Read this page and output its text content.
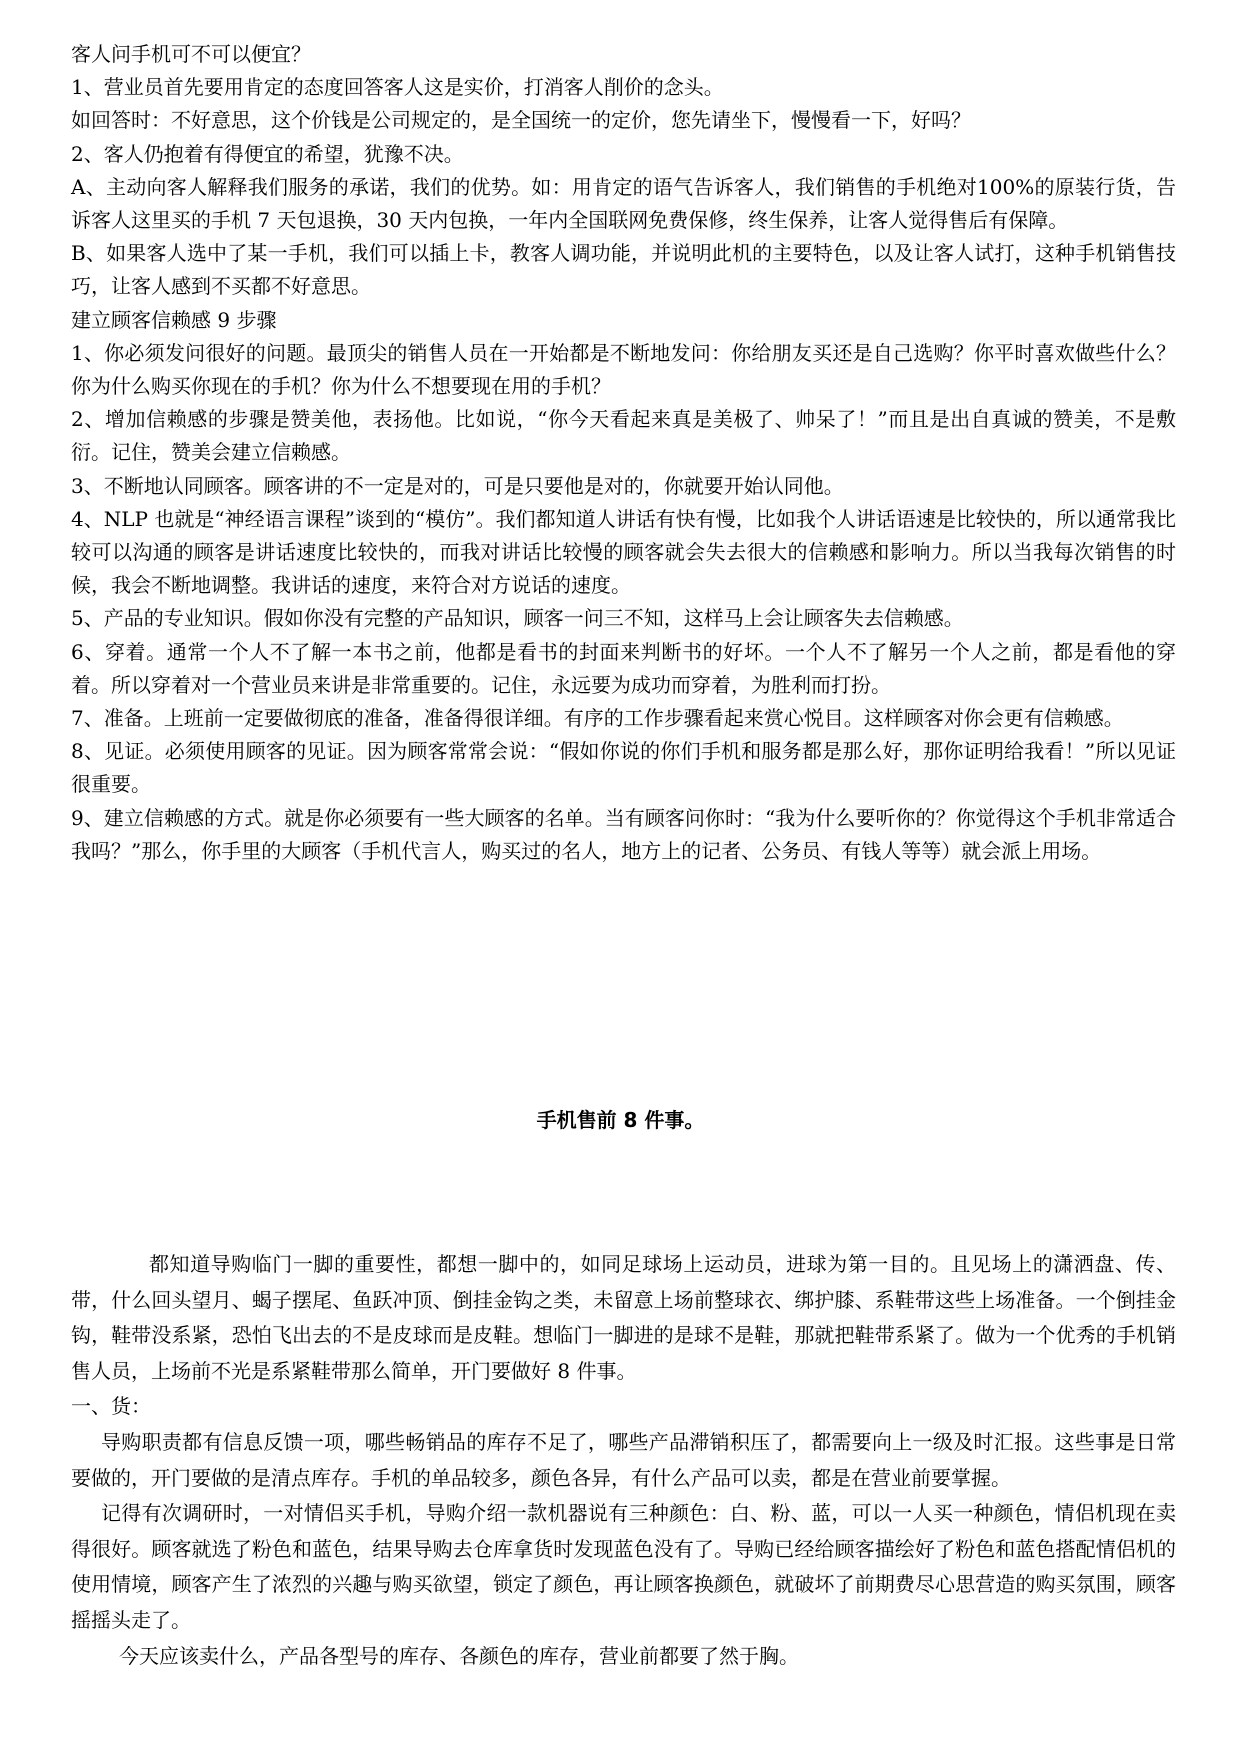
客人问手机可不可以便宜？

1、营业员首先要用肯定的态度回答客人这是实价，打消客人削价的念头。

如回答时：不好意思，这个价钱是公司规定的，是全国统一的定价，您先请坐下，慢慢看一下，好吗？

2、客人仍抱着有得便宜的希望，犹豫不决。

A、主动向客人解释我们服务的承诺，我们的优势。如：用肯定的语气告诉客人，我们销售的手机绝对100%的原装行货，告诉客人这里买的手机 7 天包退换，30 天内包换，一年内全国联网免费保修，终生保养，让客人觉得售后有保障。

B、如果客人选中了某一手机，我们可以插上卡，教客人调功能，并说明此机的主要特色，以及让客人试打，这种手机销售技巧，让客人感到不买都不好意思。

建立顾客信赖感 9 步骤

1、你必须发问很好的问题。最顶尖的销售人员在一开始都是不断地发问：你给朋友买还是自己选购？你平时喜欢做些什么？你为什么购买你现在的手机？你为什么不想要现在用的手机？

2、增加信赖感的步骤是赞美他，表扬他。比如说，“你今天看起来真是美极了、帅呆了！”而且是出自真诚的赞美，不是敷衍。记住，赞美会建立信赖感。

3、不断地认同顾客。顾客讲的不一定是对的，可是只要他是对的，你就要开始认同他。

4、NLP 也就是“神经语言课程”谈到的“模仿”。我们都知道人讲话有快有慢，比如我个人讲话语速是比较快的，所以通常我比较可以沟通的顾客是讲话速度比较快的，而我对讲话比较慢的顾客就会失去很大的信赖感和影响力。所以当我每次销售的时候，我会不断地调整。我讲话的速度，来符合对方说话的速度。

5、产品的专业知识。假如你没有完整的产品知识，顾客一问三不知，这样马上会让顾客失去信赖感。

6、穿着。通常一个人不了解一本书之前，他都是看书的封面来判断书的好坏。一个人不了解另一个人之前，都是看他的穿着。所以穿着对一个营业员来讲是非常重要的。记住，永远要为成功而穿着，为胜利而打扮。

7、准备。上班前一定要做彻底的准备，准备得很详细。有序的工作步骤看起来赏心悦目。这样顾客对你会更有信赖感。

8、见证。必须使用顾客的见证。因为顾客常常会说：“假如你说的你们手机和服务都是那么好，那你证明给我看！”所以见证很重要。

9、建立信赖感的方式。就是你必须要有一些大顾客的名单。当有顾客问你时：“我为什么要听你的？你觉得这个手机非常适合我吗？”那么，你手里的大顾客（手机代言人，购买过的名人，地方上的记者、公务员、有钱人等等）就会派上用场。

手机售前 8 件事。

都知道导购临门一脚的重要性，都想一脚中的，如同足球场上运动员，进球为第一目的。且见场上的潇洒盘、传、带，什么回头望月、蝎子摆尾、鱼跃冲顶、倒挂金钩之类，未留意上场前整球衣、绑护膝、系鞋带这些上场准备。一个倒挂金钩，鞋带没系紧，恐怕飞出去的不是皮球而是皮鞋。想临门一脚进的是球不是鞋，那就把鞋带系紧了。做为一个优秀的手机销售人员，上场前不光是系紧鞋带那么简单，开门要做好 8 件事。

一、货：

导购职责都有信息反馈一项，哪些畅销品的库存不足了，哪些产品滞销积压了，都需要向上一级及时汇报。这些事是日常要做的，开门要做的是清点库存。手机的单品较多，颜色各异，有什么产品可以卖，都是在营业前要掌握。

记得有次调研时，一对情侣买手机，导购介绍一款机器说有三种颜色：白、粉、蓝，可以一人买一种颜色，情侣机现在卖得很好。顾客就选了粉色和蓝色，结果导购去仓库拿货时发现蓝色没有了。导购已经给顾客描绘好了粉色和蓝色搭配情侣机的使用情境，顾客产生了浓烈的兴趣与购买欲望，锁定了颜色，再让顾客换颜色，就破坏了前期费尽心思营造的购买氛围，顾客摇摇头走了。

今天应该卖什么，产品各型号的库存、各颜色的库存，营业前都要了然于胸。
